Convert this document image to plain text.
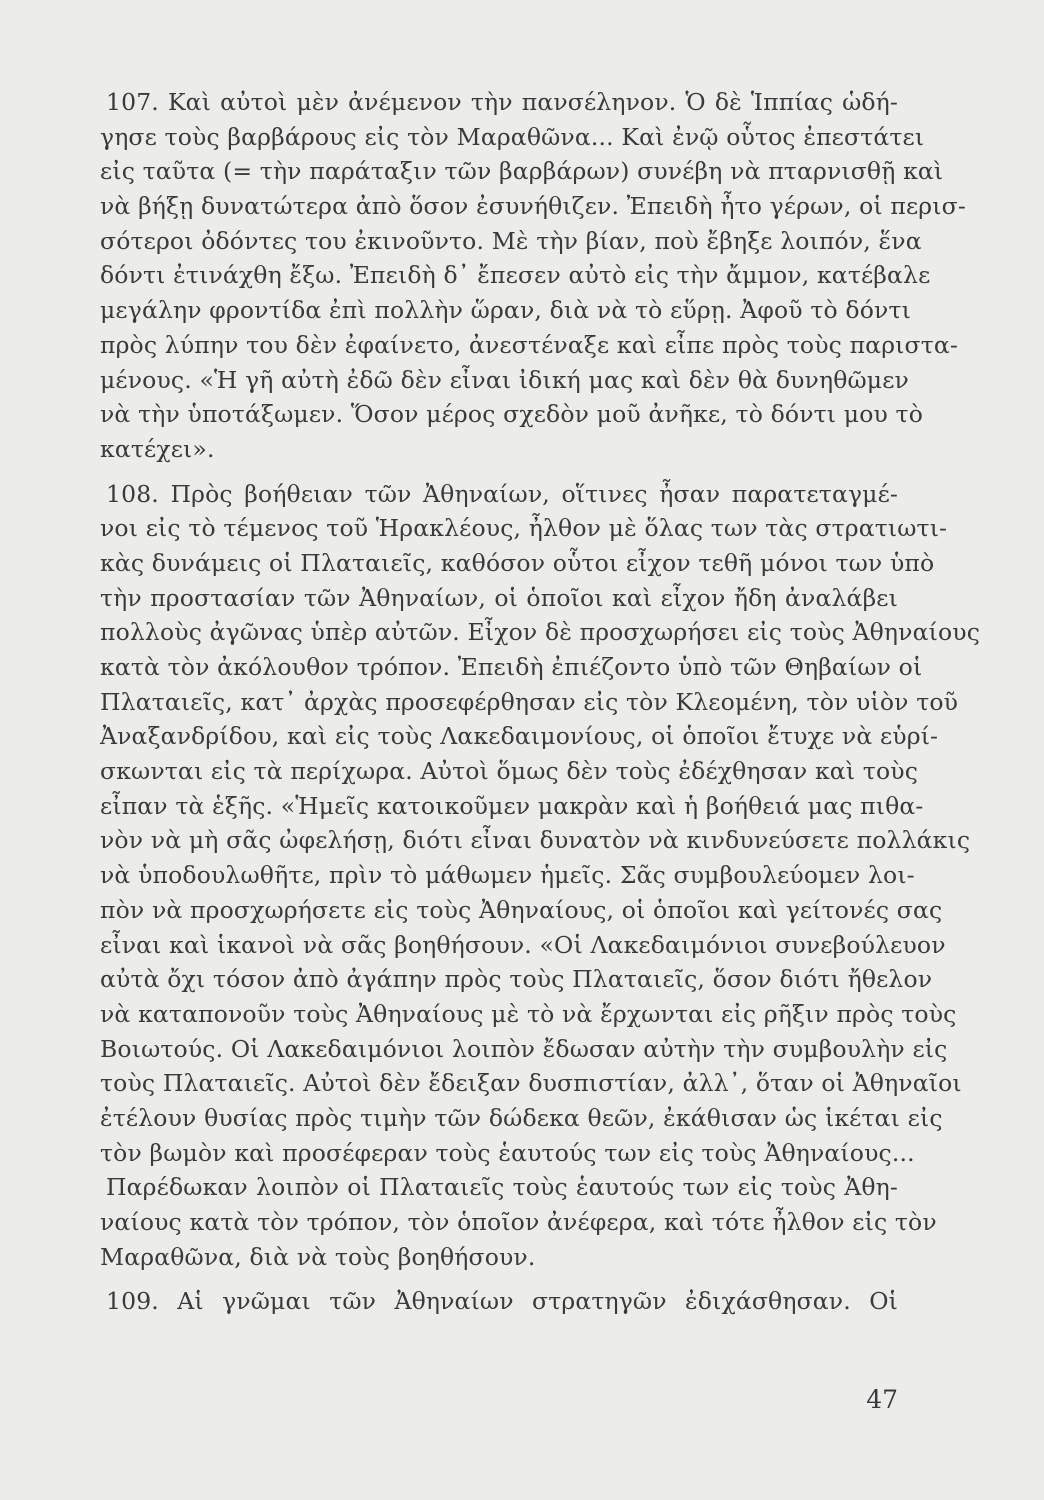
107. Καὶ αὐτοὶ μὲν ἀνέμενον τὴν πανσέληνον. Ὁ δὲ Ἱππίας ὡδή-
γησε τοὺς βαρβάρους εἰς τὸν Μαραθῶνα... Καὶ ἐνῷ οὗτος ἐπεστάτει
εἰς ταῦτα (= τὴν παράταξιν τῶν βαρβάρων) συνέβη νὰ πταρνισθῇ καὶ
νὰ βήξῃ δυνατώτερα ἀπὸ ὅσον ἐσυνήθιζεν. Ἐπειδὴ ἦτο γέρων, οἱ περισ-
σότεροι ὀδόντες του ἐκινοῦντο. Μὲ τὴν βίαν, ποὺ ἔβηξε λοιπόν, ἕνα
δόντι ἐτινάχθη ἔξω. Ἐπειδὴ δ᾽ ἔπεσεν αὐτὸ εἰς τὴν ἄμμον, κατέβαλε
μεγάλην φροντίδα ἐπὶ πολλὴν ὥραν, διὰ νὰ τὸ εὕρῃ. Ἀφοῦ τὸ δόντι
πρὸς λύπην του δὲν ἐφαίνετο, ἀνεστέναξε καὶ εἶπε πρὸς τοὺς παριστα-
μένους. «Ἡ γῆ αὐτὴ ἐδῶ δὲν εἶναι ἰδική μας καὶ δὲν θὰ δυνηθῶμεν
νὰ τὴν ὑποτάξωμεν. Ὅσον μέρος σχεδὸν μοῦ ἀνῆκε, τὸ δόντι μου τὸ
κατέχει».
108. Πρὸς βοήθειαν τῶν Ἀθηναίων, οἵτινες ἦσαν παρατεταγμέ-
νοι εἰς τὸ τέμενος τοῦ Ἡρακλέους, ἦλθον μὲ ὅλας των τὰς στρατιωτι-
κὰς δυνάμεις οἱ Πλαταιεῖς, καθόσον οὗτοι εἶχον τεθῆ μόνοι των ὑπὸ
τὴν προστασίαν τῶν Ἀθηναίων, οἱ ὁποῖοι καὶ εἶχον ἤδη ἀναλάβει
πολλοὺς ἀγῶνας ὑπὲρ αὐτῶν. Εἶχον δὲ προσχωρήσει εἰς τοὺς Ἀθηναίους
κατὰ τὸν ἀκόλουθον τρόπον. Ἐπειδὴ ἐπιέζοντο ὑπὸ τῶν Θηβαίων οἱ
Πλαταιεῖς, κατ᾽ ἀρχὰς προσεφέρθησαν εἰς τὸν Κλεομένη, τὸν υἱὸν τοῦ
Ἀναξανδρίδου, καὶ εἰς τοὺς Λακεδαιμονίους, οἱ ὁποῖοι ἔτυχε νὰ εὑρί-
σκωνται εἰς τὰ περίχωρα. Αὐτοὶ ὅμως δὲν τοὺς ἐδέχθησαν καὶ τοὺς
εἶπαν τὰ ἑξῆς. «Ἡμεῖς κατοικοῦμεν μακρὰν καὶ ἡ βοήθειά μας πιθα-
νὸν νὰ μὴ σᾶς ὠφελήσῃ, διότι εἶναι δυνατὸν νὰ κινδυνεύσετε πολλάκις
νὰ ὑποδουλωθῆτε, πρὶν τὸ μάθωμεν ἡμεῖς. Σᾶς συμβουλεύομεν λοι-
πὸν νὰ προσχωρήσετε εἰς τοὺς Ἀθηναίους, οἱ ὁποῖοι καὶ γείτονές σας
εἶναι καὶ ἱκανοὶ νὰ σᾶς βοηθήσουν. «Οἱ Λακεδαιμόνιοι συνεβούλευον
αὐτὰ ὄχι τόσον ἀπὸ ἀγάπην πρὸς τοὺς Πλαταιεῖς, ὅσον διότι ἤθελον
νὰ καταπονοῦν τοὺς Ἀθηναίους μὲ τὸ νὰ ἔρχωνται εἰς ρῆξιν πρὸς τοὺς
Βοιωτούς. Οἱ Λακεδαιμόνιοι λοιπὸν ἔδωσαν αὐτὴν τὴν συμβουλὴν εἰς
τοὺς Πλαταιεῖς. Αὐτοὶ δὲν ἔδειξαν δυσπιστίαν, ἀλλ᾽, ὅταν οἱ Ἀθηναῖοι
ἐτέλουν θυσίας πρὸς τιμὴν τῶν δώδεκα θεῶν, ἐκάθισαν ὡς ἱκέται εἰς
τὸν βωμὸν καὶ προσέφεραν τοὺς ἑαυτούς των εἰς τοὺς Ἀθηναίους...
Παρέδωκαν λοιπὸν οἱ Πλαταιεῖς τοὺς ἑαυτούς των εἰς τοὺς Ἀθη-
ναίους κατὰ τὸν τρόπον, τὸν ὁποῖον ἀνέφερα, καὶ τότε ἦλθον εἰς τὸν
Μαραθῶνα, διὰ νὰ τοὺς βοηθήσουν.
109. Αἱ γνῶμαι τῶν Ἀθηναίων στρατηγῶν ἐδιχάσθησαν. Οἱ
47
